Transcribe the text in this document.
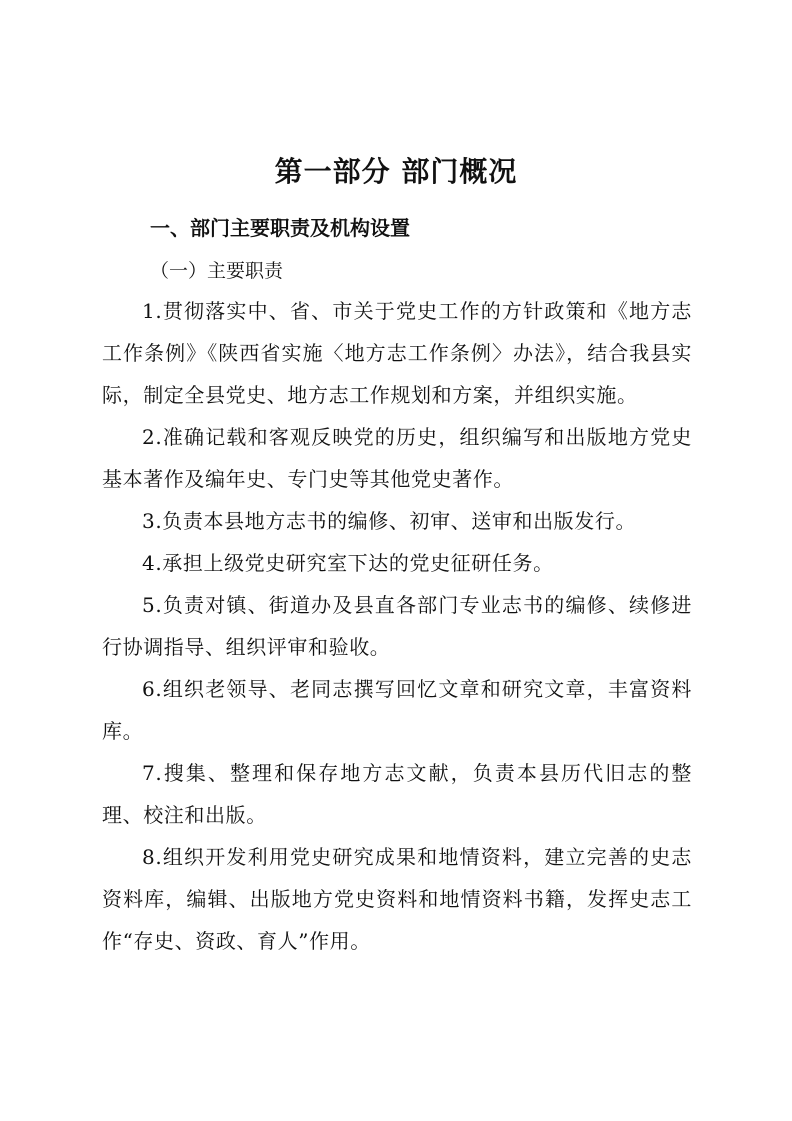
第一部分 部门概况
一、部门主要职责及机构设置
（一）主要职责

1.贯彻落实中、省、市关于党史工作的方针政策和《地方志工作条例》《陕西省实施〈地方志工作条例〉办法》，结合我县实际，制定全县党史、地方志工作规划和方案，并组织实施。

2.准确记载和客观反映党的历史，组织编写和出版地方党史基本著作及编年史、专门史等其他党史著作。

3.负责本县地方志书的编修、初审、送审和出版发行。

4.承担上级党史研究室下达的党史征研任务。

5.负责对镇、街道办及县直各部门专业志书的编修、续修进行协调指导、组织评审和验收。

6.组织老领导、老同志撰写回忆文章和研究文章，丰富资料库。

7.搜集、整理和保存地方志文献，负责本县历代旧志的整理、校注和出版。

8.组织开发利用党史研究成果和地情资料，建立完善的史志资料库，编辑、出版地方党史资料和地情资料书籍，发挥史志工作“存史、资政、育人”作用。
